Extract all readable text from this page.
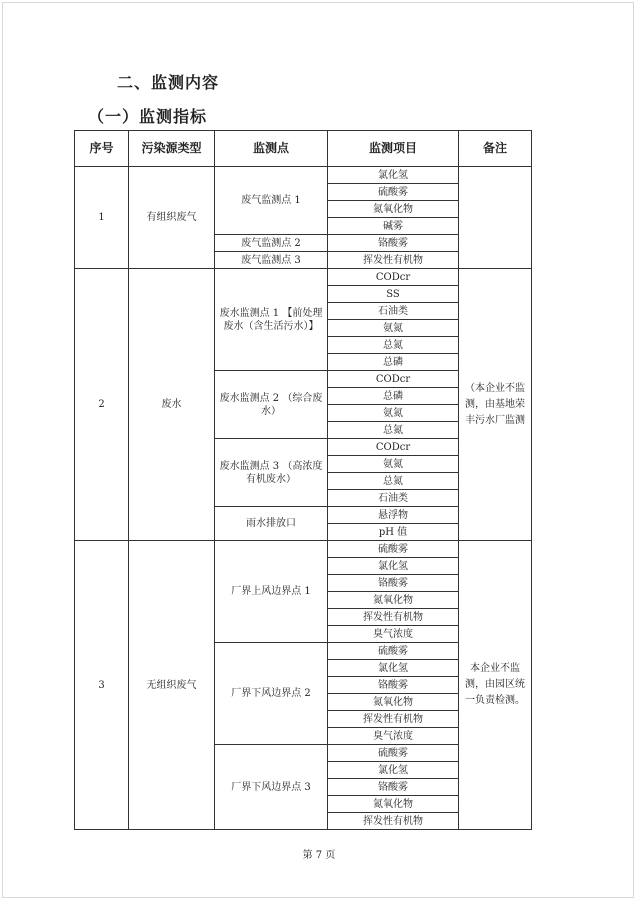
二、监测内容
（一）监测指标
序号	污染源类型	监测点	监测项目	备注
1	有组织废气	废气监测点 1	氯化氢	
			硫酸雾	
			氮氧化物	
			碱雾	
		废气监测点 2	铬酸雾	
		废气监测点 3	挥发性有机物	
2	废水	废水监测点 1 【前处理废水（含生活污水）】	CODcr	（本企业不监测，由基地荣丰污水厂监测
			SS	
			石油类	
			氨氮	
			总氮	
			总磷	
		废水监测点 2 （综合废水）	CODcr	
			总磷	
			氨氮	
			总氮	
		废水监测点 3 （高浓度有机废水）	CODcr	
			氨氮	
			总氮	
			石油类	
		雨水排放口	悬浮物	
			pH 值	
3	无组织废气	厂界上风边界点 1	硫酸雾	本企业不监测，由园区统一负责检测。
			氯化氢	
			铬酸雾	
			氮氧化物	
			挥发性有机物	
			臭气浓度	
		厂界下风边界点 2	硫酸雾	
			氯化氢	
			铬酸雾	
			氮氧化物	
			挥发性有机物	
			臭气浓度	
		厂界下风边界点 3	硫酸雾	
			氯化氢	
			铬酸雾	
			氮氧化物	
			挥发性有机物	
第 7 页
